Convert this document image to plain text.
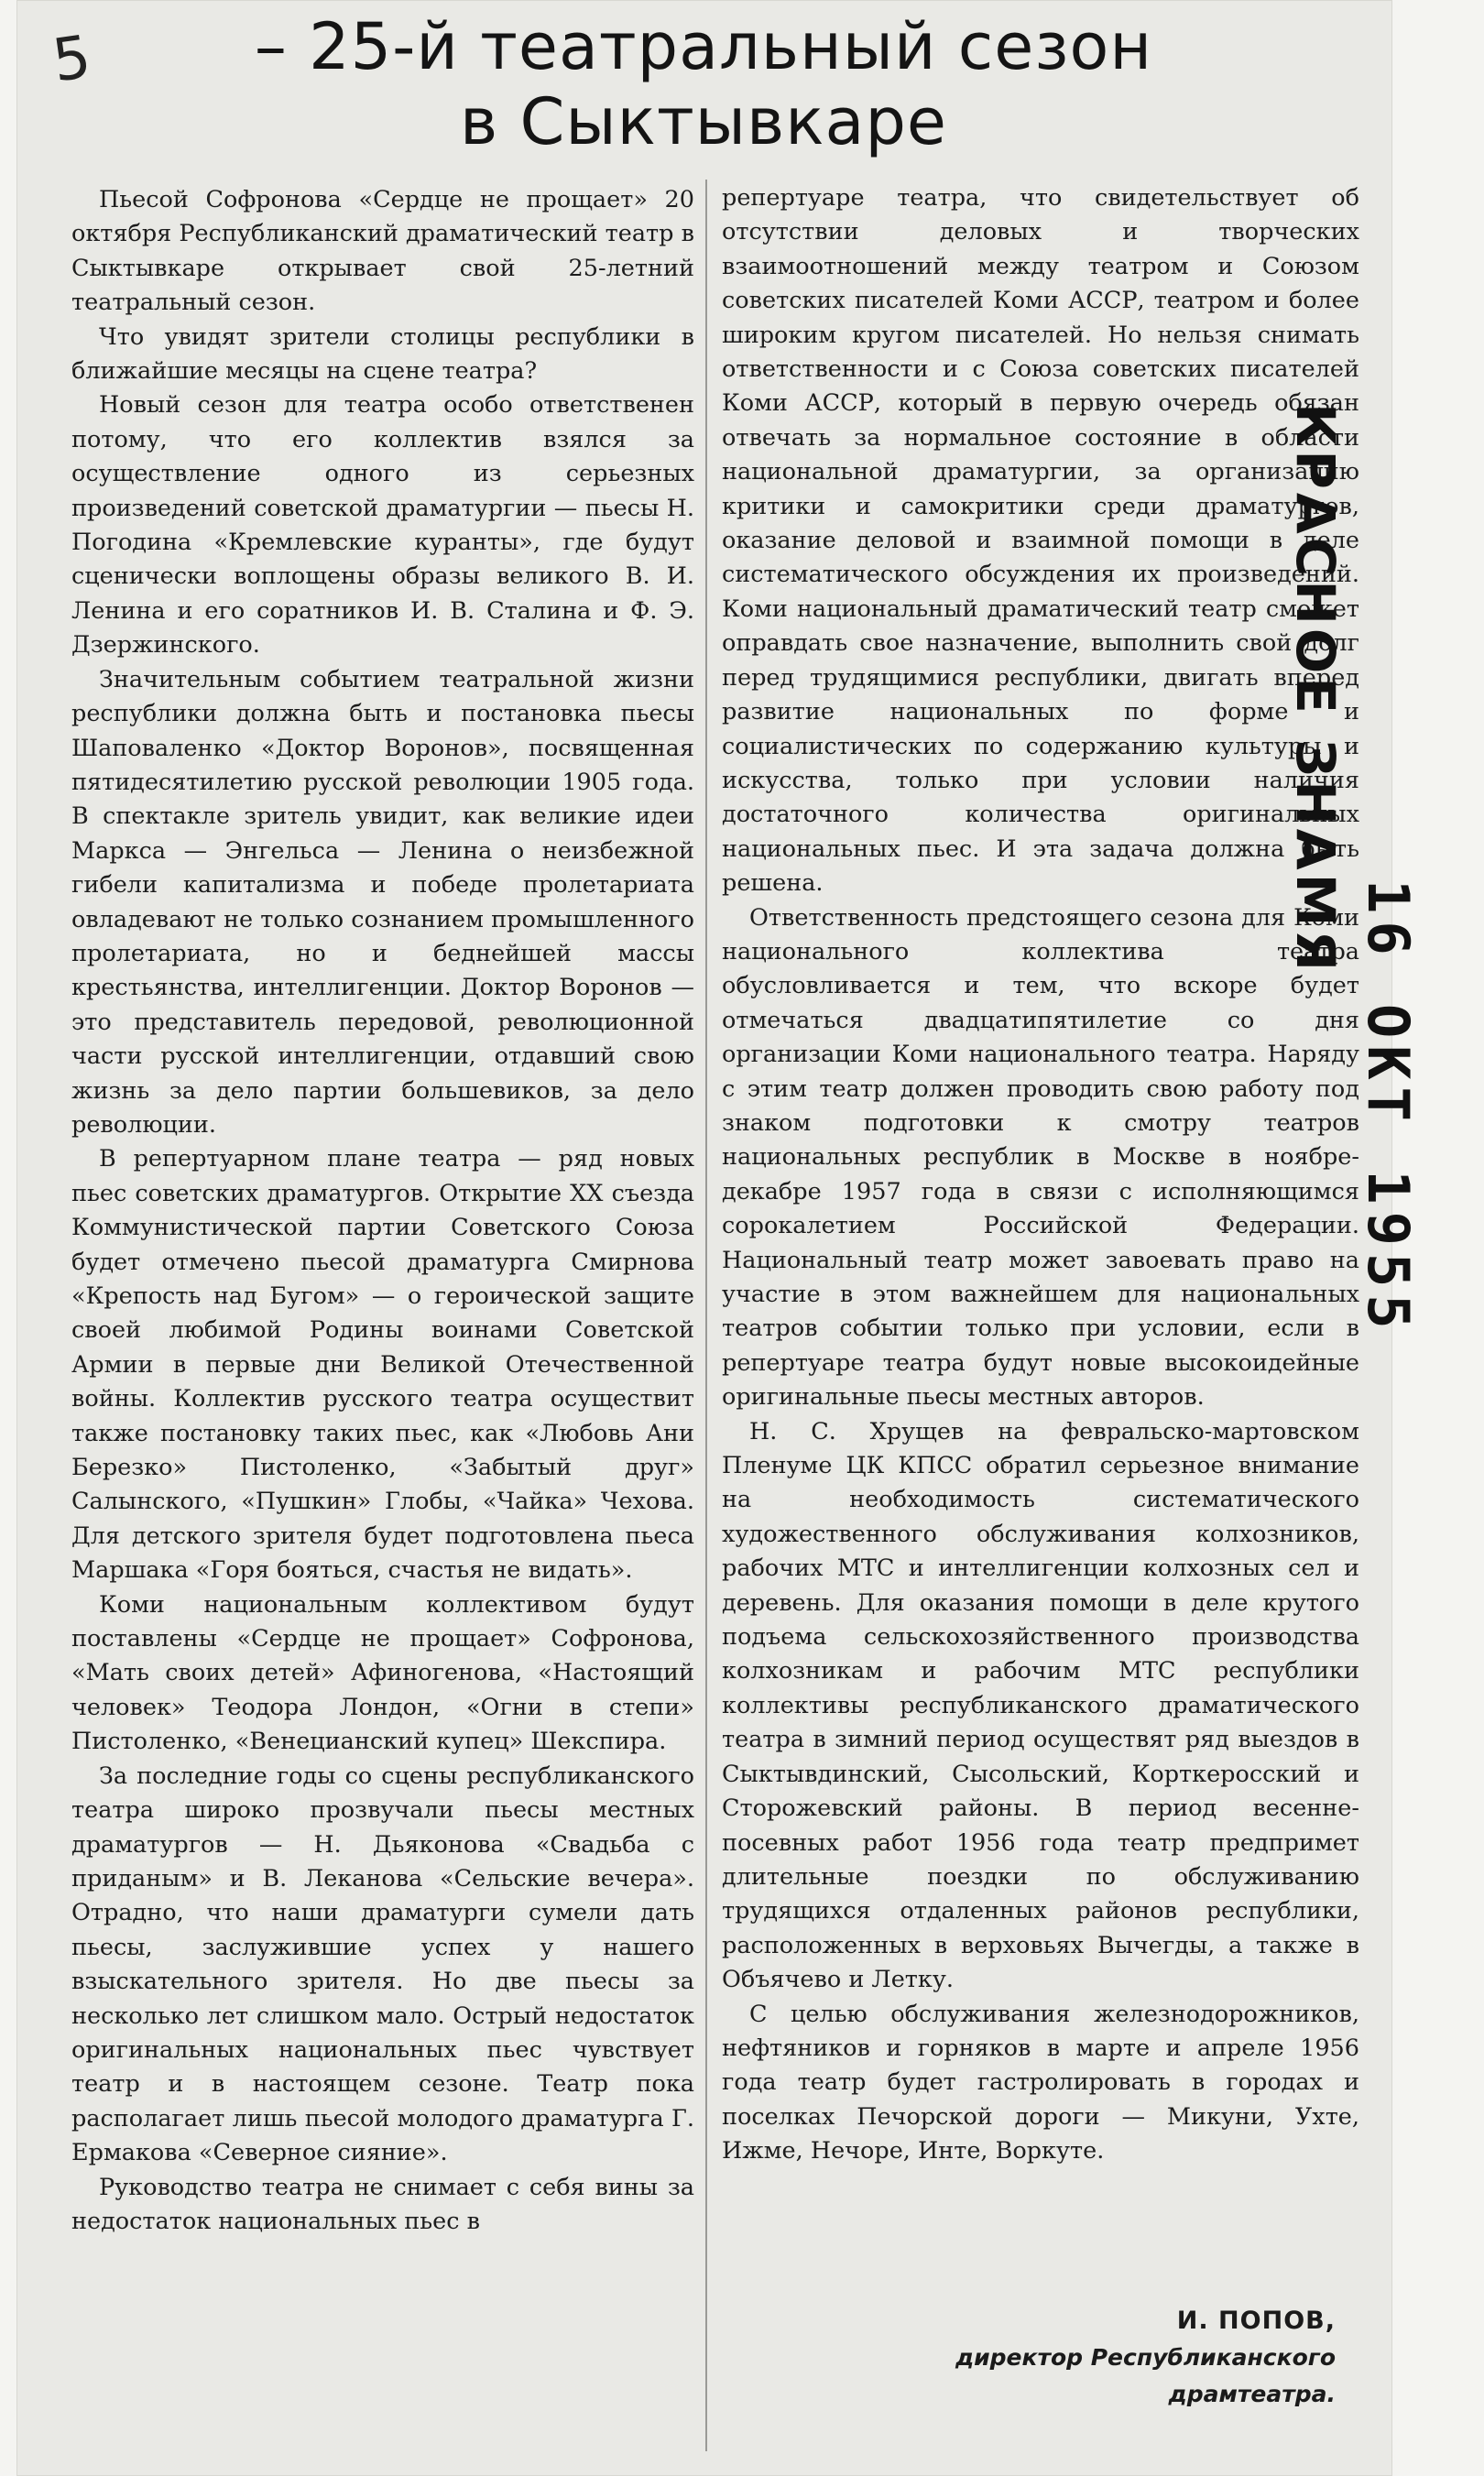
5	– 25-й театральный сезон
в Сыктывкаре

Пьесой Софронова «Сердце не прощает» 20 октября Республиканский драматический театр в Сыктывкаре открывает свой 25-летний театральный сезон.

Что увидят зрители столицы республики в ближайшие месяцы на сцене театра?

Новый сезон для театра особо ответственен потому, что его коллектив взялся за осуществление одного из серьезных произведений советской драматургии — пьесы Н. Погодина «Кремлевские куранты», где будут сценически воплощены образы великого В. И. Ленина и его соратников И. В. Сталина и Ф. Э. Дзержинского.

Значительным событием театральной жизни республики должна быть и постановка пьесы Шаповаленко «Доктор Воронов», посвященная пятидесятилетию русской революции 1905 года. В спектакле зритель увидит, как великие идеи Маркса — Энгельса — Ленина о неизбежной гибели капитализма и победе пролетариата овладевают не только сознанием промышленного пролетариата, но и беднейшей массы крестьянства, интеллигенции. Доктор Воронов — это представитель передовой, революционной части русской интеллигенции, отдавший свою жизнь за дело партии большевиков, за дело революции.

В репертуарном плане театра — ряд новых пьес советских драматургов. Открытие XX съезда Коммунистической партии Советского Союза будет отмечено пьесой драматурга Смирнова «Крепость над Бугом» — о героической защите своей любимой Родины воинами Советской Армии в первые дни Великой Отечественной войны. Коллектив русского театра осуществит также постановку таких пьес, как «Любовь Ани Березко» Пистоленко, «Забытый друг» Салынского, «Пушкин» Глобы, «Чайка» Чехова. Для детского зрителя будет подготовлена пьеса Маршака «Горя бояться, счастья не видать».

Коми национальным коллективом будут поставлены «Сердце не прощает» Софронова, «Мать своих детей» Афиногенова, «Настоящий человек» Теодора Лондон, «Огни в степи» Пистоленко, «Венецианский купец» Шекспира.

За последние годы со сцены республиканского театра широко прозвучали пьесы местных драматургов — Н. Дьяконова «Свадьба с приданым» и В. Леканова «Сельские вечера». Отрадно, что наши драматурги сумели дать пьесы, заслужившие успех у нашего взыскательного зрителя. Но две пьесы за несколько лет слишком мало. Острый недостаток оригинальных национальных пьес чувствует театр и в настоящем сезоне. Театр пока располагает лишь пьесой молодого драматурга Г. Ермакова «Северное сияние».

Руководство театра не снимает с себя вины за недостаток национальных пьес в

репертуаре театра, что свидетельствует об отсутствии деловых и творческих взаимоотношений между театром и Союзом советских писателей Коми АССР, театром и более широким кругом писателей. Но нельзя снимать ответственности и с Союза советских писателей Коми АССР, который в первую очередь обязан отвечать за нормальное состояние в области национальной драматургии, за организацию критики и самокритики среди драматургов, оказание деловой и взаимной помощи в деле систематического обсуждения их произведений. Коми национальный драматический театр сможет оправдать свое назначение, выполнить свой долг перед трудящимися республики, двигать вперед развитие национальных по форме и социалистических по содержанию культуры и искусства, только при условии наличия достаточного количества оригинальных национальных пьес. И эта задача должна быть решена.

Ответственность предстоящего сезона для Коми национального коллектива театра обусловливается и тем, что вскоре будет отмечаться двадцатипятилетие со дня организации Коми национального театра. Наряду с этим театр должен проводить свою работу под знаком подготовки к смотру театров национальных республик в Москве в ноябре-декабре 1957 года в связи с исполняющимся сорокалетием Российской Федерации. Национальный театр может завоевать право на участие в этом важнейшем для национальных театров событии только при условии, если в репертуаре театра будут новые высокоидейные оригинальные пьесы местных авторов.

Н. С. Хрущев на февральско-мартовском Пленуме ЦК КПСС обратил серьезное внимание на необходимость систематического художественного обслуживания колхозников, рабочих МТС и интеллигенции колхозных сел и деревень. Для оказания помощи в деле крутого подъема сельскохозяйственного производства колхозникам и рабочим МТС республики коллективы республиканского драматического театра в зимний период осуществят ряд выездов в Сыктывдинский, Сысольский, Корткеросский и Сторожевский районы. В период весенне-посевных работ 1956 года театр предпримет длительные поездки по обслуживанию трудящихся отдаленных районов республики, расположенных в верховьях Вычегды, а также в Объячево и Летку.

С целью обслуживания железнодорожников, нефтяников и горняков в марте и апреле 1956 года театр будет гастролировать в городах и поселках Печорской дороги — Микуни, Ухте, Ижме, Нечоре, Инте, Воркуте.

И. ПОПОВ,
директор Республиканского
драмтеатра.
КРАСНОЕ ЗНАМЯ
16 ОКТ 1955
